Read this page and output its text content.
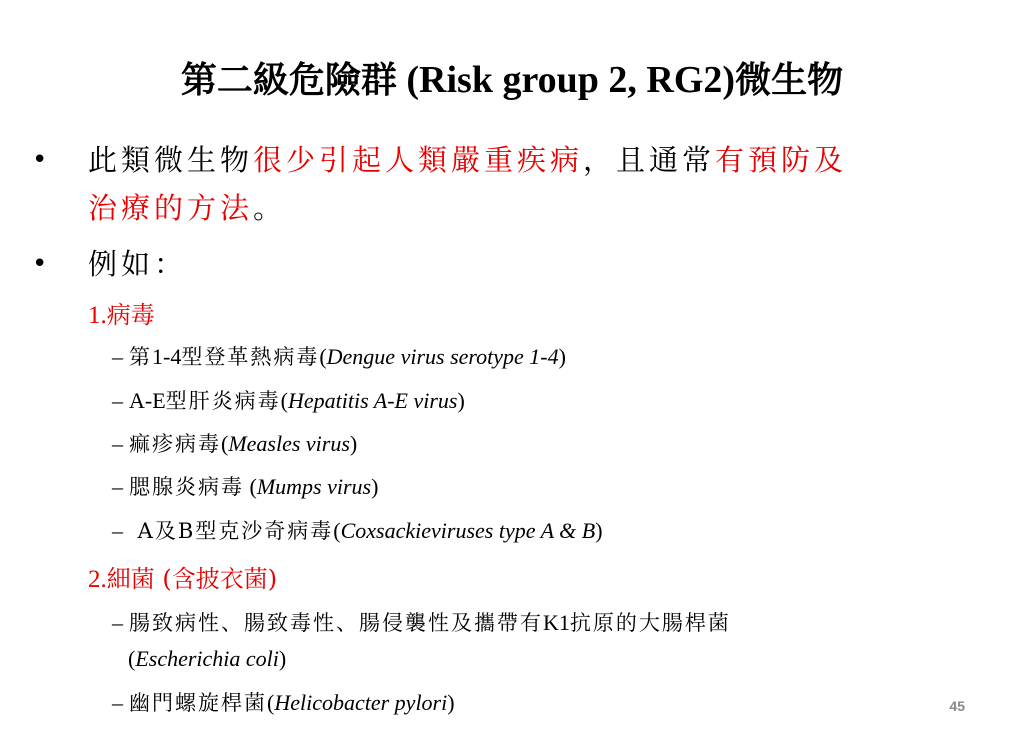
第二級危險群 (Risk group 2, RG2)微生物
• 此類微生物很少引起人類嚴重疾病，且通常有預防及
治療的方法。
• 例如：
1.病毒
– 第1-4型登革熱病毒(Dengue virus serotype 1-4)
– A-E型肝炎病毒(Hepatitis A-E virus)
– 痲疹病毒(Measles virus)
– 腮腺炎病毒 (Mumps virus)
– A及B型克沙奇病毒(Coxsackieviruses type A & B)
2.細菌 (含披衣菌)
– 腸致病性、腸致毒性、腸侵襲性及攜帶有K1抗原的大腸桿菌
(Escherichia coli)
– 幽門螺旋桿菌(Helicobacter pylori)	45
